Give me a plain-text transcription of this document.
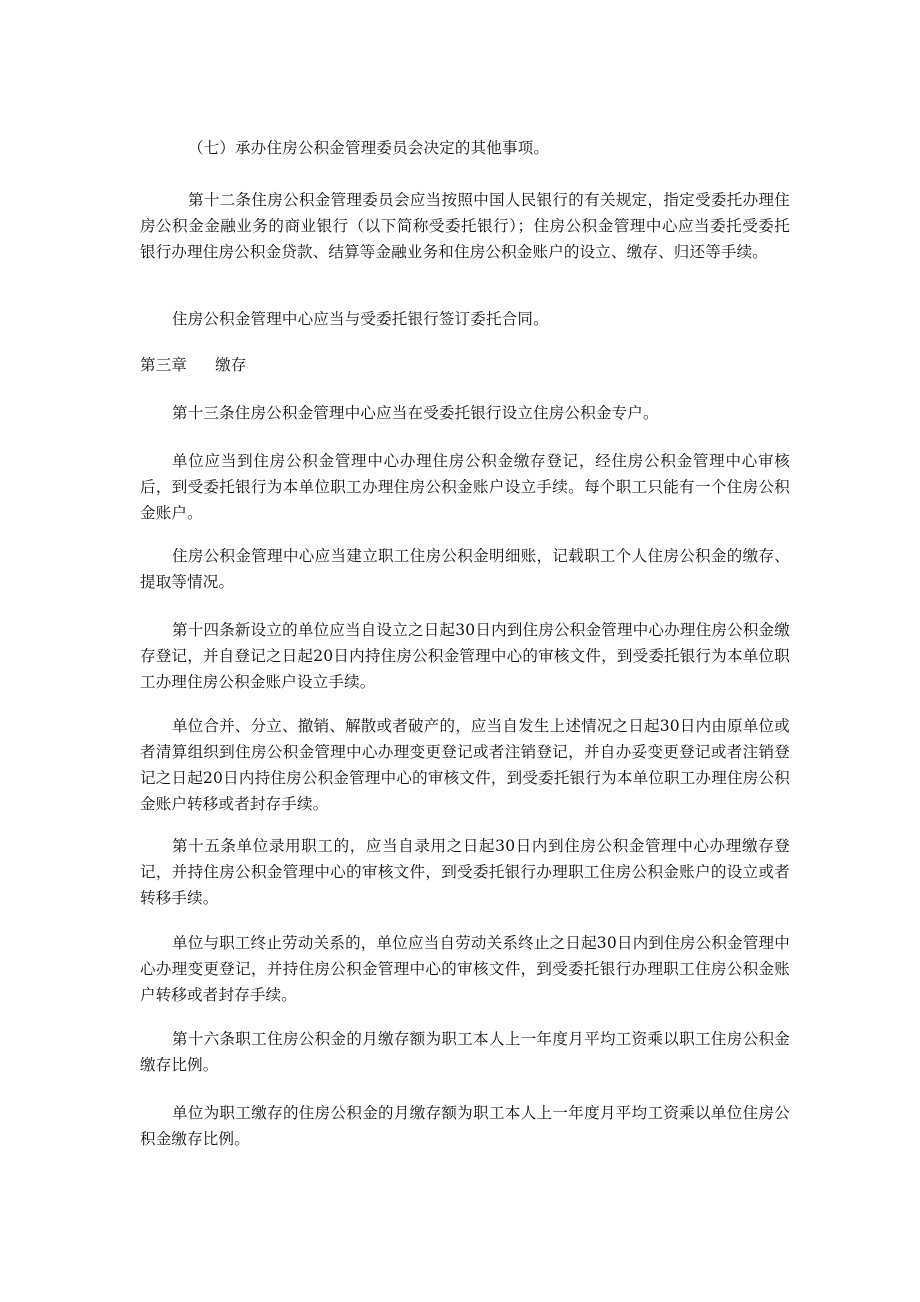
（七）承办住房公积金管理委员会决定的其他事项。

第十二条住房公积金管理委员会应当按照中国人民银行的有关规定，指定受委托办理住房公积金金融业务的商业银行（以下简称受委托银行）；住房公积金管理中心应当委托受委托银行办理住房公积金贷款、结算等金融业务和住房公积金账户的设立、缴存、归还等手续。

住房公积金管理中心应当与受委托银行签订委托合同。

第三章 缴存

第十三条住房公积金管理中心应当在受委托银行设立住房公积金专户。

单位应当到住房公积金管理中心办理住房公积金缴存登记，经住房公积金管理中心审核后，到受委托银行为本单位职工办理住房公积金账户设立手续。每个职工只能有一个住房公积金账户。

住房公积金管理中心应当建立职工住房公积金明细账，记载职工个人住房公积金的缴存、提取等情况。

第十四条新设立的单位应当自设立之日起30日内到住房公积金管理中心办理住房公积金缴存登记，并自登记之日起20日内持住房公积金管理中心的审核文件，到受委托银行为本单位职工办理住房公积金账户设立手续。

单位合并、分立、撤销、解散或者破产的，应当自发生上述情况之日起30日内由原单位或者清算组织到住房公积金管理中心办理变更登记或者注销登记，并自办妥变更登记或者注销登记之日起20日内持住房公积金管理中心的审核文件，到受委托银行为本单位职工办理住房公积金账户转移或者封存手续。

第十五条单位录用职工的，应当自录用之日起30日内到住房公积金管理中心办理缴存登记，并持住房公积金管理中心的审核文件，到受委托银行办理职工住房公积金账户的设立或者转移手续。

单位与职工终止劳动关系的，单位应当自劳动关系终止之日起30日内到住房公积金管理中心办理变更登记，并持住房公积金管理中心的审核文件，到受委托银行办理职工住房公积金账户转移或者封存手续。

第十六条职工住房公积金的月缴存额为职工本人上一年度月平均工资乘以职工住房公积金缴存比例。

单位为职工缴存的住房公积金的月缴存额为职工本人上一年度月平均工资乘以单位住房公积金缴存比例。
